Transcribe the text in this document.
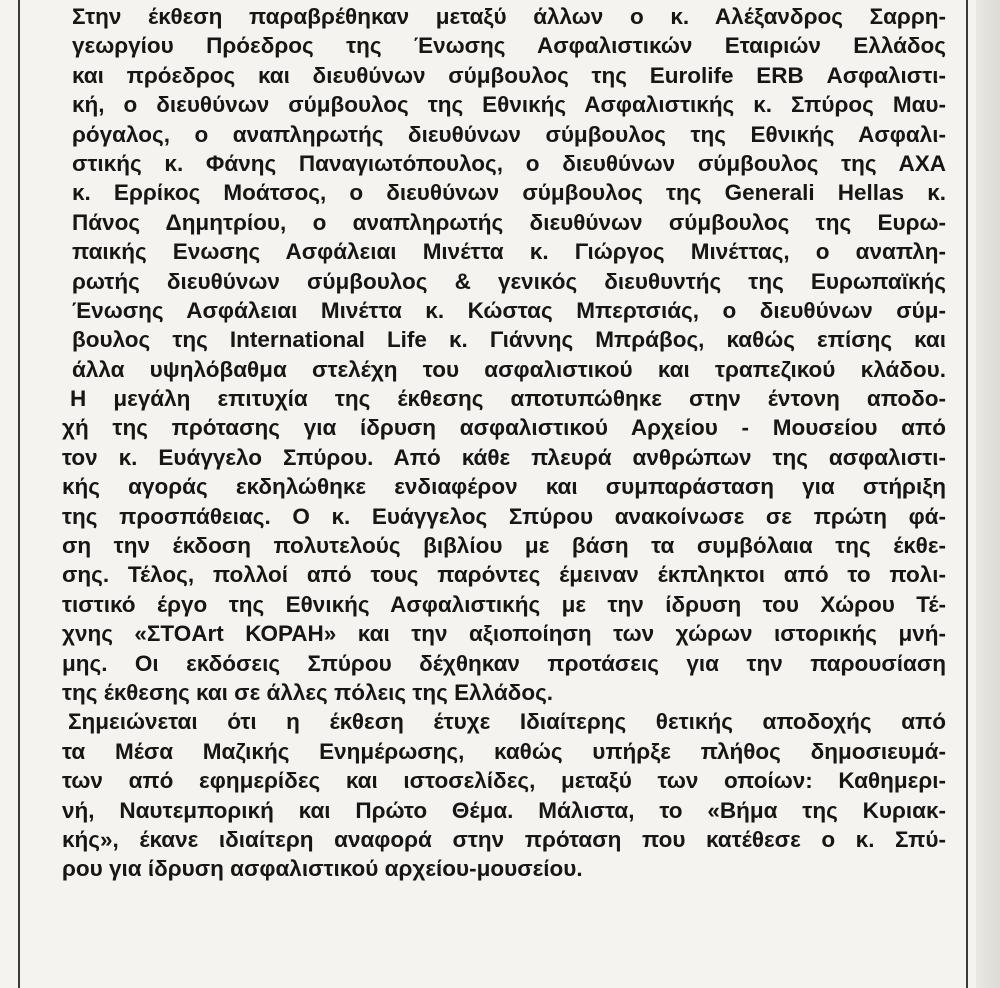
Στην έκθεση παραβρέθηκαν μεταξύ άλλων ο κ. Αλέξανδρος Σαρρη-
γεωργίου Πρόεδρος της Ένωσης Ασφαλιστικών Εταιριών Ελλάδος
και πρόεδρος και διευθύνων σύμβουλος της Eurolife ERB Ασφαλιστι-
κή, ο διευθύνων σύμβουλος της Εθνικής Ασφαλιστικής κ. Σπύρος Μαυ-
ρόγαλος, ο αναπληρωτής διευθύνων σύμβουλος της Εθνικής Ασφαλι-
στικής κ. Φάνης Παναγιωτόπουλος, ο διευθύνων σύμβουλος της ΑΧΑ
κ. Ερρίκος Μοάτσος, ο διευθύνων σύμβουλος της Generali Hellas κ.
Πάνος Δημητρίου, ο αναπληρωτής διευθύνων σύμβουλος της Ευρω-
παικής Ενωσης Ασφάλειαι Μινέττα κ. Γιώργος Μινέττας, ο αναπλη-
ρωτής διευθύνων σύμβουλος & γενικός διευθυντής της Ευρωπαϊκής
Ένωσης Ασφάλειαι Μινέττα κ. Κώστας Μπερτσιάς, ο διευθύνων σύμ-
βουλος της International Life κ. Γιάννης Μπράβος, καθώς επίσης και
άλλα υψηλόβαθμα στελέχη του ασφαλιστικού και τραπεζικού κλάδου.
Η μεγάλη επιτυχία της έκθεσης αποτυπώθηκε στην έντονη αποδο-
χή της πρότασης για ίδρυση ασφαλιστικού Αρχείου - Μουσείου από
τον κ. Ευάγγελο Σπύρου. Από κάθε πλευρά ανθρώπων της ασφαλιστι-
κής αγοράς εκδηλώθηκε ενδιαφέρον και συμπαράσταση για στήριξη
της προσπάθειας. Ο κ. Ευάγγελος Σπύρου ανακοίνωσε σε πρώτη φά-
ση την έκδοση πολυτελούς βιβλίου με βάση τα συμβόλαια της έκθε-
σης. Τέλος, πολλοί από τους παρόντες έμειναν έκπληκτοι από το πολι-
τιστικό έργο της Εθνικής Ασφαλιστικής με την ίδρυση του Χώρου Τέ-
χνης «ΣΤΟArt ΚΟΡΑΗ» και την αξιοποίηση των χώρων ιστορικής μνή-
μης. Οι εκδόσεις Σπύρου δέχθηκαν προτάσεις για την παρουσίαση
της έκθεσης και σε άλλες πόλεις της Ελλάδος.
Σημειώνεται ότι η έκθεση έτυχε Ιδιαίτερης θετικής αποδοχής από
τα Μέσα Μαζικής Ενημέρωσης, καθώς υπήρξε πλήθος δημοσιευμά-
των από εφημερίδες και ιστοσελίδες, μεταξύ των οποίων: Καθημερι-
νή, Ναυτεμπορική και Πρώτο Θέμα. Μάλιστα, το «Βήμα της Κυριακ-
κής», έκανε ιδιαίτερη αναφορά στην πρόταση που κατέθεσε ο κ. Σπύ-
ρου για ίδρυση ασφαλιστικού αρχείου-μουσείου.
